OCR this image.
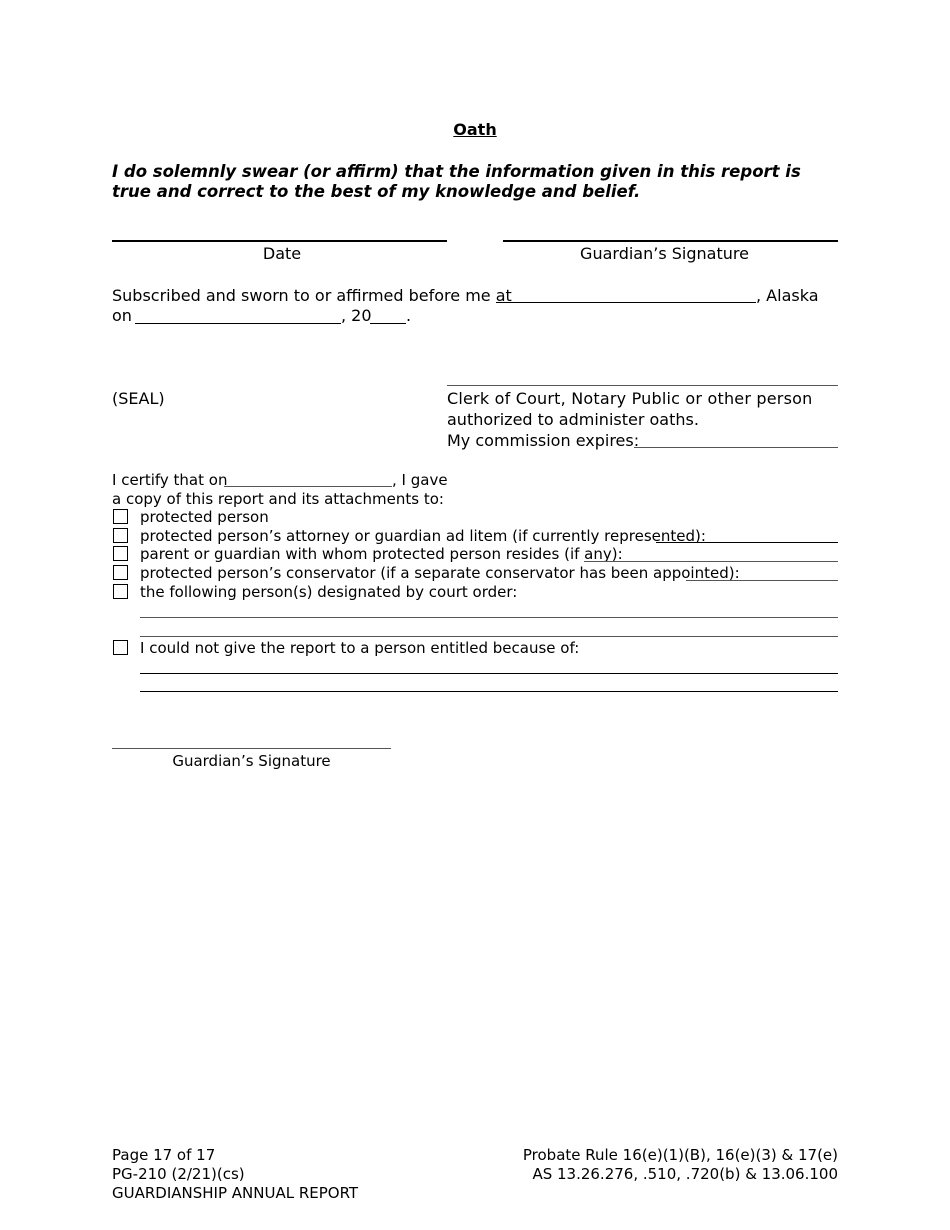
Oath
I do solemnly swear (or affirm) that the information given in this report is true and correct to the best of my knowledge and belief.
Date	Guardian’s Signature
Subscribed and sworn to or affirmed before me at	, Alaska
on	, 20 .
(SEAL)	Clerk of Court, Notary Public or other person
authorized to administer oaths.
My commission expires:
I certify that on	, I gave
a copy of this report and its attachments to:
protected person
protected person’s attorney or guardian ad litem (if currently represented):
parent or guardian with whom protected person resides (if any):
protected person’s conservator (if a separate conservator has been appointed):
the following person(s) designated by court order:
I could not give the report to a person entitled because of:
Guardian’s Signature
Page 17 of 17
PG-210 (2/21)(cs)
GUARDIANSHIP ANNUAL REPORT
Probate Rule 16(e)(1)(B), 16(e)(3) & 17(e)
AS 13.26.276, .510, .720(b) & 13.06.100
